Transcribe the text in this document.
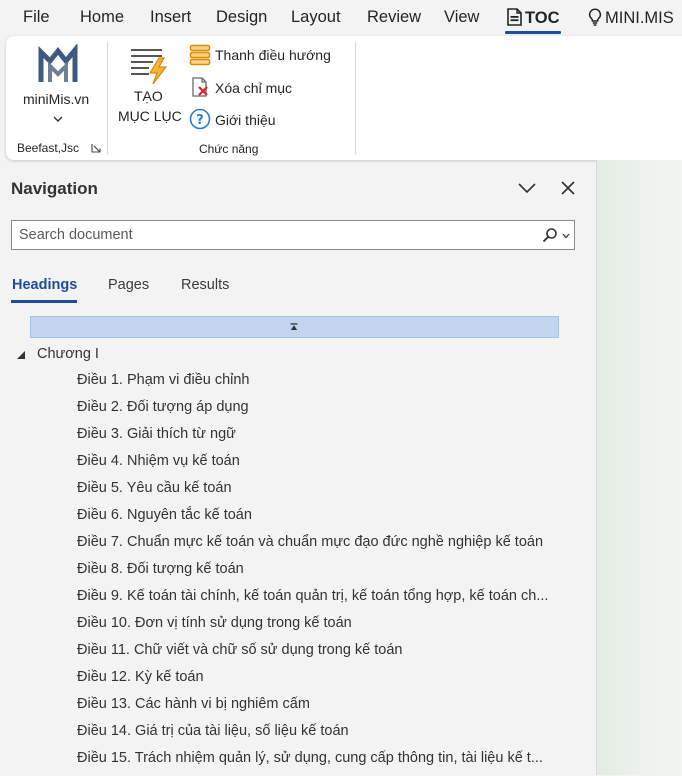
File Home Insert Design Layout Review View	TOC	MINI.MIS
miniMis.vn
Beefast,Jsc
TẠO
MỤC LỤC
Thanh điều hướng
Xóa chỉ mục
? Giới thiệu
Chức năng
Navigation
Search document
Headings Pages Results
Chương I
Điều 1. Phạm vi điều chỉnh
Điều 2. Đối tượng áp dụng
Điều 3. Giải thích từ ngữ
Điều 4. Nhiệm vụ kế toán
Điều 5. Yêu cầu kế toán
Điều 6. Nguyên tắc kế toán
Điều 7. Chuẩn mực kế toán và chuẩn mực đạo đức nghề nghiệp kế toán
Điều 8. Đối tượng kế toán
Điều 9. Kế toán tài chính, kế toán quản trị, kế toán tổng hợp, kế toán ch...
Điều 10. Đơn vị tính sử dụng trong kế toán
Điều 11. Chữ viết và chữ số sử dụng trong kế toán
Điều 12. Kỳ kế toán
Điều 13. Các hành vi bị nghiêm cấm
Điều 14. Giá trị của tài liệu, số liệu kế toán
Điều 15. Trách nhiệm quản lý, sử dụng, cung cấp thông tin, tài liệu kế t...
